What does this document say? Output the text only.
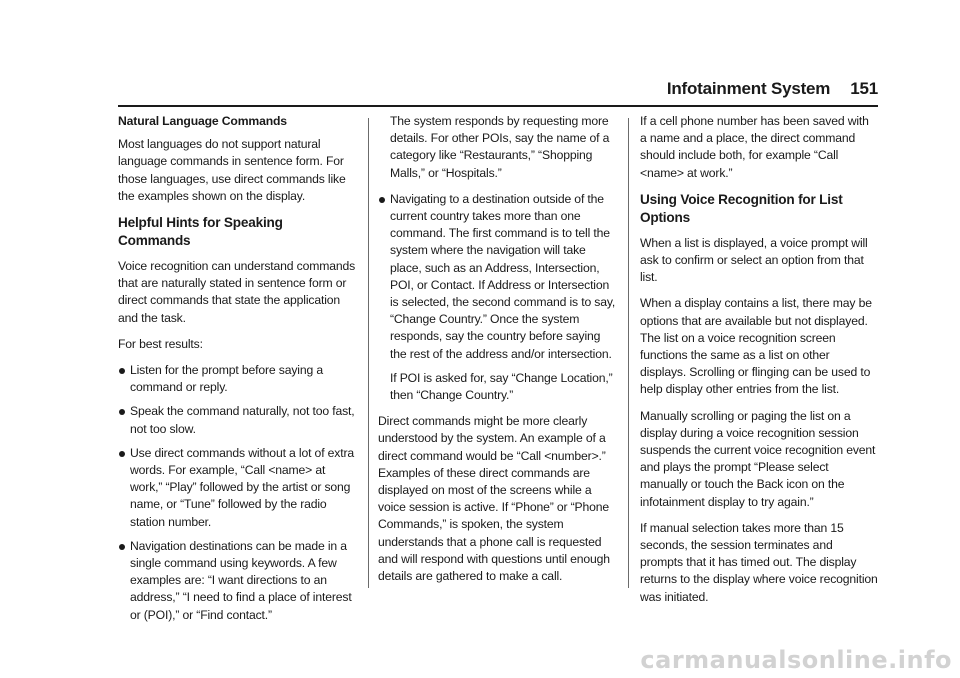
Infotainment System 151

Natural Language Commands

Most languages do not support natural language commands in sentence form. For those languages, use direct commands like the examples shown on the display.

Helpful Hints for Speaking Commands

Voice recognition can understand commands that are naturally stated in sentence form or direct commands that state the application and the task.

For best results:

Listen for the prompt before saying a command or reply.
Speak the command naturally, not too fast, not too slow.
Use direct commands without a lot of extra words. For example, “Call <name> at work,” “Play” followed by the artist or song name, or “Tune” followed by the radio station number.
Navigation destinations can be made in a single command using keywords. A few examples are: “I want directions to an address,” “I need to find a place of interest or (POI),” or “Find contact.”

The system responds by requesting more details. For other POIs, say the name of a category like “Restaurants,” “Shopping Malls,” or “Hospitals.”

Navigating to a destination outside of the current country takes more than one command. The first command is to tell the system where the navigation will take place, such as an Address, Intersection, POI, or Contact. If Address or Intersection is selected, the second command is to say, “Change Country.” Once the system responds, say the country before saying the rest of the address and/or intersection.

If POI is asked for, say “Change Location,” then “Change Country.”

Direct commands might be more clearly understood by the system. An example of a direct command would be “Call <number>.” Examples of these direct commands are displayed on most of the screens while a voice session is active. If “Phone” or “Phone Commands,” is spoken, the system understands that a phone call is requested and will respond with questions until enough details are gathered to make a call.

If a cell phone number has been saved with a name and a place, the direct command should include both, for example “Call <name> at work.”

Using Voice Recognition for List Options

When a list is displayed, a voice prompt will ask to confirm or select an option from that list.

When a display contains a list, there may be options that are available but not displayed. The list on a voice recognition screen functions the same as a list on other displays. Scrolling or flinging can be used to help display other entries from the list.

Manually scrolling or paging the list on a display during a voice recognition session suspends the current voice recognition event and plays the prompt “Please select manually or touch the Back icon on the infotainment display to try again.”

If manual selection takes more than 15 seconds, the session terminates and prompts that it has timed out. The display returns to the display where voice recognition was initiated.

carmanualsonline.info
